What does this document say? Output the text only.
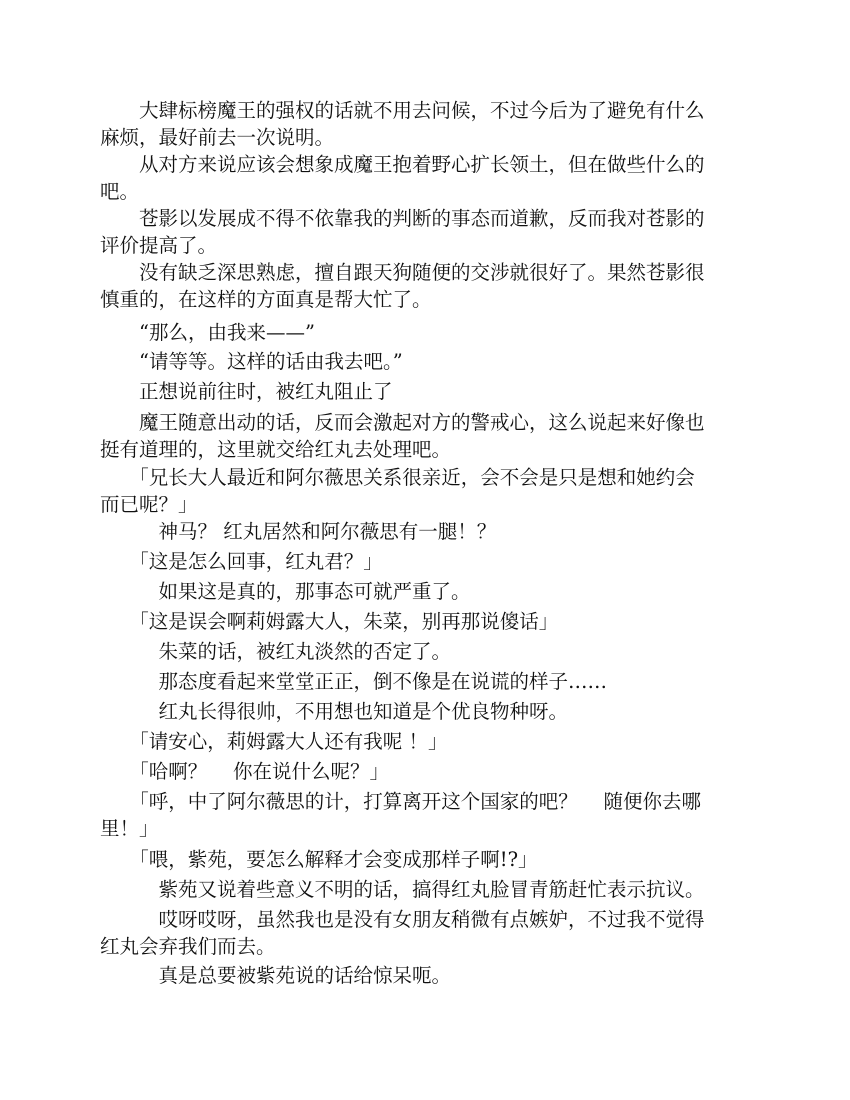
　　大肆标榜魔王的强权的话就不用去问候，不过今后为了避免有什么
麻烦，最好前去一次说明。

　　从对方来说应该会想象成魔王抱着野心扩长领土，但在做些什么的
吧。

　　苍影以发展成不得不依靠我的判断的事态而道歉，反而我对苍影的
评价提高了。

　　没有缺乏深思熟虑，擅自跟天狗随便的交涉就很好了。果然苍影很
慎重的，在这样的方面真是帮大忙了。

　　“那么，由我来——”

　　“请等等。这样的话由我去吧。”

　　正想说前往时，被红丸阻止了

　　魔王随意出动的话，反而会激起对方的警戒心，这么说起来好像也
挺有道理的，这里就交给红丸去处理吧。

　　「兄长大人最近和阿尔薇思关系很亲近，会不会是只是想和她约会
而已呢？」

　　　神马？ 红丸居然和阿尔薇思有一腿！？

　　「这是怎么回事，红丸君？」

　　　如果这是真的，那事态可就严重了。

　　「这是误会啊莉姆露大人，朱菜，别再那说傻话」

　　　朱菜的话，被红丸淡然的否定了。

　　　那态度看起来堂堂正正，倒不像是在说谎的样子……

　　　红丸长得很帅，不用想也知道是个优良物种呀。

　　「请安心，莉姆露大人还有我呢 ！」

　　「哈啊？　 你在说什么呢？」

　　「呼，中了阿尔薇思的计，打算离开这个国家的吧？　 随便你去哪
里！」

　　「喂，紫苑，要怎么解释才会变成那样子啊!?」

　　　紫苑又说着些意义不明的话，搞得红丸脸冒青筋赶忙表示抗议。

　　　哎呀哎呀，虽然我也是没有女朋友稍微有点嫉妒，不过我不觉得
红丸会弃我们而去。

　　　真是总要被紫苑说的话给惊呆呃。
